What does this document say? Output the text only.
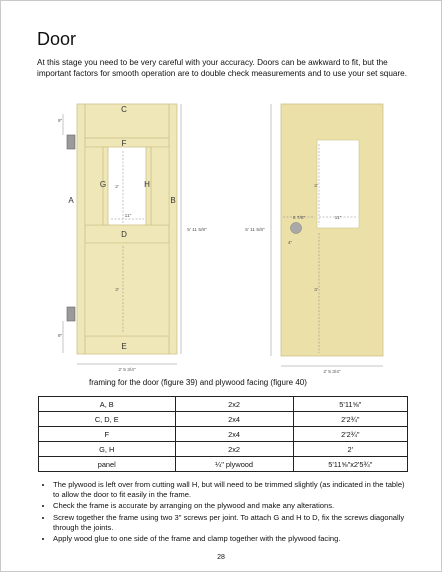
Door

At this stage you need to be very careful with your accuracy. Doors can be awkward to fit, but the important factors for smooth operation are to double check measurements and to use your set square.

C
F
A	B
G	H
D
E
9"
9"
5' 11 5/8"
2' 5 3/4"
11"
2'
3'
5' 11 5/8"
2' 5 3/4"
11"
8 7/8"
4"
2'
3'
framing for the door (figure 39) and plywood facing (figure 40)
A, B	2x2	5'11⅝"
C, D, E	2x4	2'2¾"
F	2x4	2'2¾"
G, H	2x2	2'
panel	¼" plywood	5'11⅝"x2'5¾"
• The plywood is left over from cutting wall H, but will need to be trimmed slightly (as indicated in the table) to allow the door to fit easily in the frame.
• Check the frame is accurate by arranging on the plywood and make any alterations.
• Screw together the frame using two 3" screws per joint. To attach G and H to D, fix the screws diagonally through the joints.
• Apply wood glue to one side of the frame and clamp together with the plywood facing.
28
